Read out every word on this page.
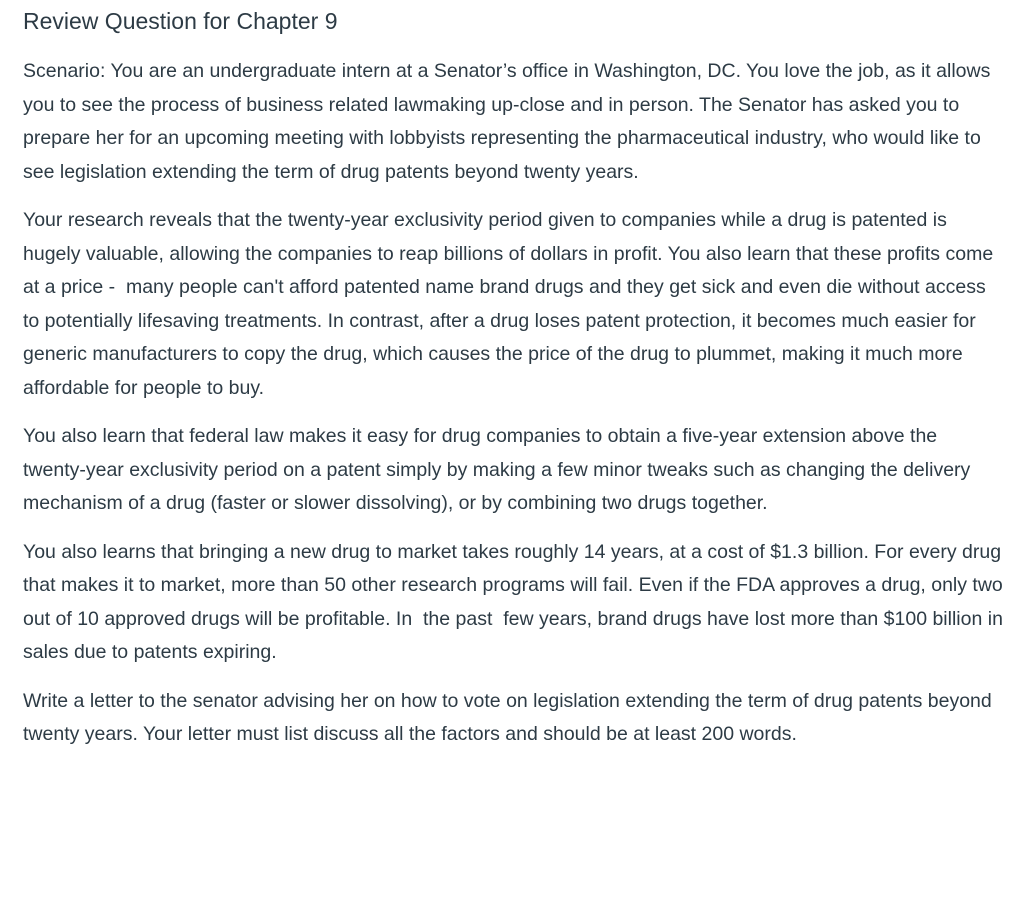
Review Question for Chapter 9

Scenario: You are an undergraduate intern at a Senator’s office in Washington, DC. You love the job, as it allows you to see the process of business related lawmaking up-close and in person. The Senator has asked you to prepare her for an upcoming meeting with lobbyists representing the pharmaceutical industry, who would like to see legislation extending the term of drug patents beyond twenty years.

Your research reveals that the twenty-year exclusivity period given to companies while a drug is patented is hugely valuable, allowing the companies to reap billions of dollars in profit. You also learn that these profits come at a price -  many people can't afford patented name brand drugs and they get sick and even die without access to potentially lifesaving treatments. In contrast, after a drug loses patent protection, it becomes much easier for generic manufacturers to copy the drug, which causes the price of the drug to plummet, making it much more affordable for people to buy.

You also learn that federal law makes it easy for drug companies to obtain a five-year extension above the twenty-year exclusivity period on a patent simply by making a few minor tweaks such as changing the delivery mechanism of a drug (faster or slower dissolving), or by combining two drugs together.

You also learns that bringing a new drug to market takes roughly 14 years, at a cost of $1.3 billion. For every drug that makes it to market, more than 50 other research programs will fail. Even if the FDA approves a drug, only two out of 10 approved drugs will be profitable. In  the past  few years, brand drugs have lost more than $100 billion in sales due to patents expiring.

Write a letter to the senator advising her on how to vote on legislation extending the term of drug patents beyond twenty years. Your letter must list discuss all the factors and should be at least 200 words.
